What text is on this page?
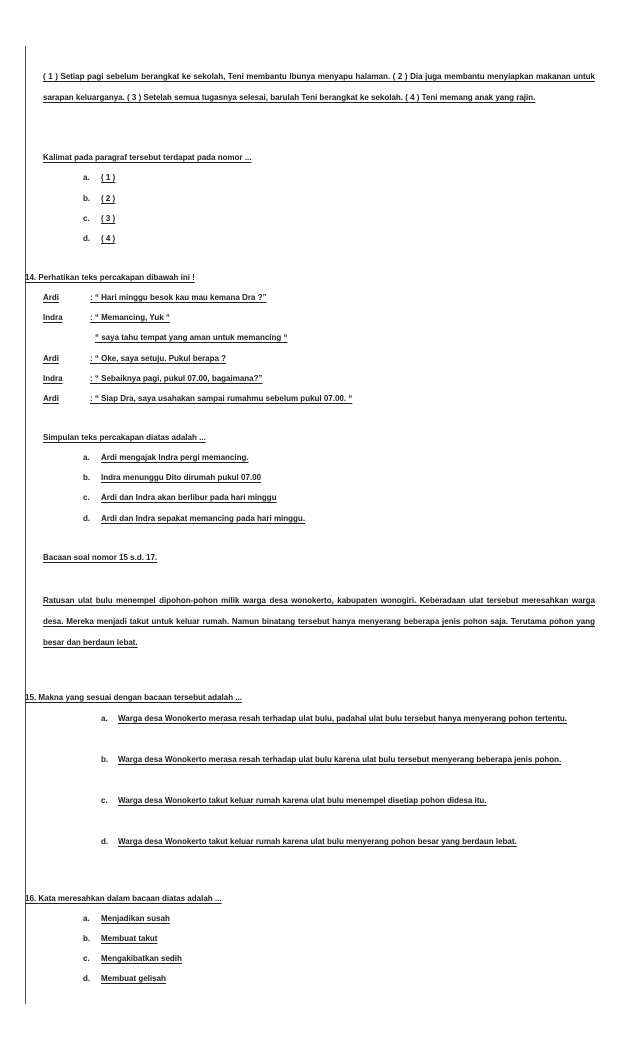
( 1 ) Setiap pagi sebelum berangkat ke sekolah, Teni membantu Ibunya menyapu halaman. ( 2 ) Dia juga membantu menyiapkan makanan untuk sarapan keluarganya. ( 3 ) Setelah semua tugasnya selesai, barulah Teni berangkat ke sekolah. ( 4 ) Teni memang anak yang rajin.
Kalimat pada paragraf tersebut terdapat pada nomor ...
a. ( 1 )
b. ( 2 )
c. ( 3 )
d. ( 4 )
14. Perhatikan teks percakapan dibawah ini !
Ardi	: “ Hari minggu besok kau mau kemana Dra ?”
Indra	: “ Memancing, Yuk “
“ saya tahu tempat yang aman untuk memancing “
Ardi	: “ Oke, saya setuju. Pukul berapa ?
Indra	: “ Sebaiknya pagi, pukul 07.00, bagaimana?”
Ardi	: “ Siap Dra, saya usahakan sampai rumahmu sebelum pukul 07.00. “
Simpulan teks percakapan diatas adalah ...
a. Ardi mengajak Indra pergi memancing.
b. Indra menunggu Dito dirumah pukul 07.00
c. Ardi dan Indra akan berlibur pada hari minggu
d. Ardi dan Indra sepakat memancing pada hari minggu.
Bacaan soal nomor 15 s.d. 17.
Ratusan ulat bulu menempel dipohon-pohon milik warga desa wonokerto, kabupaten wonogiri. Keberadaan ulat tersebut meresahkan warga desa. Mereka menjadi takut untuk keluar rumah. Namun binatang tersebut hanya menyerang beberapa jenis pohon saja. Terutama pohon yang besar dan berdaun lebat.
15. Makna yang sesuai dengan bacaan tersebut adalah ...
a.	Warga desa Wonokerto merasa resah terhadap ulat bulu, padahal ulat bulu tersebut hanya menyerang pohon tertentu.
b.	Warga desa Wonokerto merasa resah terhadap ulat bulu karena ulat bulu tersebut menyerang beberapa jenis pohon.
c.	Warga desa Wonokerto takut keluar rumah karena ulat bulu menempel disetiap pohon didesa itu.
d.	Warga desa Wonokerto takut keluar rumah karena ulat bulu menyerang pohon besar yang berdaun lebat.
16. Kata meresahkan dalam bacaan diatas adalah ...
a. Menjadikan susah
b. Membuat takut
c. Mengakibatkan sedih
d. Membuat gelisah
